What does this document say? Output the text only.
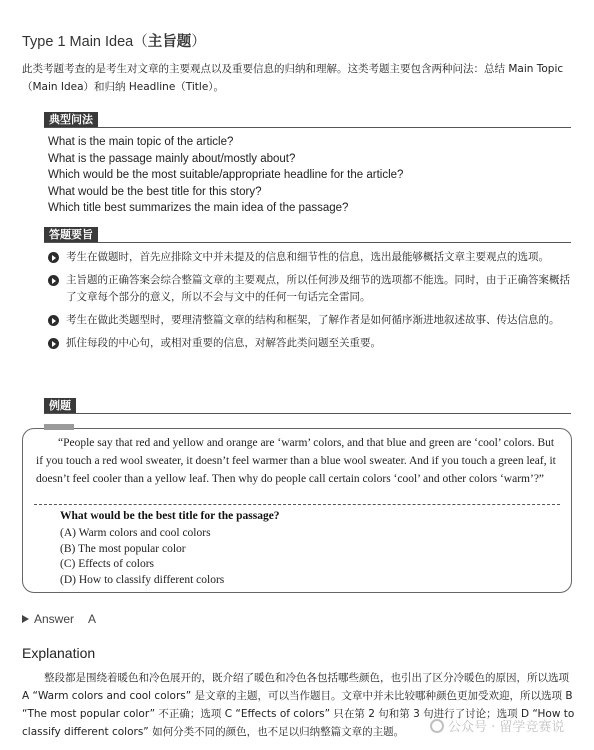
Type 1 Main Idea（主旨题）
此类考题考查的是考生对文章的主要观点以及重要信息的归纳和理解。这类考题主要包含两种问法：总结 Main Topic（Main Idea）和归纳 Headline（Title）。
典型问法
What is the main topic of the article?
What is the passage mainly about/mostly about?
Which would be the most suitable/appropriate headline for the article?
What would be the best title for this story?
Which title best summarizes the main idea of the passage?
答题要旨
考生在做题时，首先应排除文中并未提及的信息和细节性的信息，选出最能够概括文章主要观点的选项。
主旨题的正确答案会综合整篇文章的主要观点，所以任何涉及细节的选项都不能选。同时，由于正确答案概括了文章每个部分的意义，所以不会与文中的任何一句话完全雷同。
考生在做此类题型时，要理清整篇文章的结构和框架，了解作者是如何循序渐进地叙述故事、传达信息的。
抓住每段的中心句，或相对重要的信息，对解答此类问题至关重要。
例题
“People say that red and yellow and orange are ‘warm’ colors, and that blue and green are ‘cool’ colors. But if you touch a red wool sweater, it doesn’t feel warmer than a blue wool sweater. And if you touch a green leaf, it doesn’t feel cooler than a yellow leaf. Then why do people call certain colors ‘cool’ and other colors ‘warm’?”
What would be the best title for the passage?
(A) Warm colors and cool colors
(B) The most popular color
(C) Effects of colors
(D) How to classify different colors
Answer A
Explanation
整段都是围绕着暖色和冷色展开的，既介绍了暖色和冷色各包括哪些颜色，也引出了区分冷暖色的原因，所以选项 A “Warm colors and cool colors” 是文章的主题，可以当作题目。文章中并未比较哪种颜色更加受欢迎，所以选项 B “The most popular color” 不正确；选项 C “Effects of colors” 只在第 2 句和第 3 句进行了讨论；选项 D “How to classify different colors” 如何分类不同的颜色，也不足以归纳整篇文章的主题。	公众号 · 留学竞赛说
